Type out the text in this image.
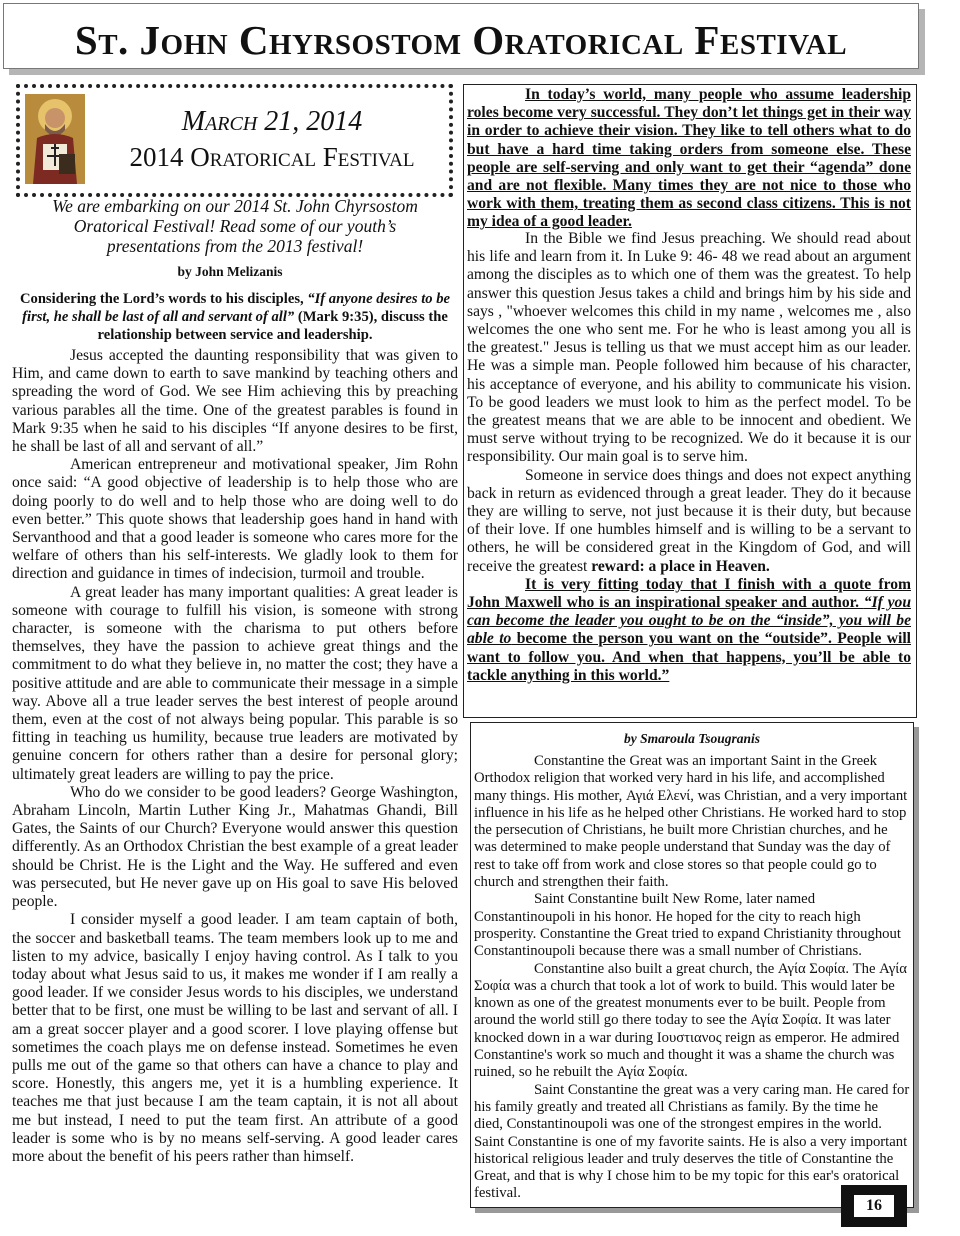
St. John Chyrsostom Oratorical Festival
March 21, 2014
2014 Oratorical Festival
We are embarking on our 2014 St. John Chyrsostom Oratorical Festival! Read some of our youth’s presentations from the 2013 festival!
by John Melizanis
Considering the Lord’s words to his disciples, “If anyone desires to be first, he shall be last of all and servant of all” (Mark 9:35), discuss the relationship between service and leadership.

Jesus accepted the daunting responsibility that was given to Him, and came down to earth to save mankind by teaching others and spreading the word of God. We see Him achieving this by preaching various parables all the time. One of the greatest parables is found in Mark 9:35 when he said to his disciples “If anyone desires to be first, he shall be last of all and servant of all.”

American entrepreneur and motivational speaker, Jim Rohn once said: “A good objective of leadership is to help those who are doing poorly to do well and to help those who are doing well to do even better.” This quote shows that leadership goes hand in hand with Servanthood and that a good leader is someone who cares more for the welfare of others than his self-interests. We gladly look to them for direction and guidance in times of indecision, turmoil and trouble.

A great leader has many important qualities: A great leader is someone with courage to fulfill his vision, is someone with strong character, is someone with the charisma to put others before themselves, they have the passion to achieve great things and the commitment to do what they believe in, no matter the cost; they have a positive attitude and are able to communicate their message in a simple way. Above all a true leader serves the best interest of people around them, even at the cost of not always being popular. This parable is so fitting in teaching us humility, because true leaders are motivated by genuine concern for others rather than a desire for personal glory; ultimately great leaders are willing to pay the price.

Who do we consider to be good leaders? George Washington, Abraham Lincoln, Martin Luther King Jr., Mahatmas Ghandi, Bill Gates, the Saints of our Church? Everyone would answer this question differently. As an Orthodox Christian the best example of a great leader should be Christ. He is the Light and the Way. He suffered and even was persecuted, but He never gave up on His goal to save His beloved people.

I consider myself a good leader. I am team captain of both, the soccer and basketball teams. The team members look up to me and listen to my advice, basically I enjoy having control. As I talk to you today about what Jesus said to us, it makes me wonder if I am really a good leader. If we consider Jesus words to his disciples, we understand better that to be first, one must be willing to be last and servant of all. I am a great soccer player and a good scorer. I love playing offense but sometimes the coach plays me on defense instead. Sometimes he even pulls me out of the game so that others can have a chance to play and score. Honestly, this angers me, yet it is a humbling experience. It teaches me that just because I am the team captain, it is not all about me but instead, I need to put the team first. An attribute of a good leader is some who is by no means self-serving. A good leader cares more about the benefit of his peers rather than himself.

In today’s world, many people who assume leadership roles become very successful. They don’t let things get in their way in order to achieve their vision. They like to tell others what to do but have a hard time taking orders from someone else. These people are self-serving and only want to get their “agenda” done and are not flexible. Many times they are not nice to those who work with them, treating them as second class citizens. This is not my idea of a good leader.

In the Bible we find Jesus preaching. We should read about his life and learn from it. In Luke 9: 46- 48 we read about an argument among the disciples as to which one of them was the greatest. To help answer this question Jesus takes a child and brings him by his side and says , "whoever welcomes this child in my name , welcomes me , also welcomes the one who sent me. For he who is least among you all is the greatest." Jesus is telling us that we must accept him as our leader. He was a simple man. People followed him because of his character, his acceptance of everyone, and his ability to communicate his vision. To be good leaders we must look to him as the perfect model. To be the greatest means that we are able to be innocent and obedient. We must serve without trying to be recognized. We do it because it is our responsibility. Our main goal is to serve him.

Someone in service does things and does not expect anything back in return as evidenced through a great leader. They do it because they are willing to serve, not just because it is their duty, but because of their love. If one humbles himself and is willing to be a servant to others, he will be considered great in the Kingdom of God, and will receive the greatest reward: a place in Heaven.

It is very fitting today that I finish with a quote from John Maxwell who is an inspirational speaker and author. “If you can become the leader you ought to be on the “inside”, you will be able to become the person you want on the “outside”. People will want to follow you. And when that happens, you’ll be able to tackle anything in this world.”

by Smaroula Tsougranis

Constantine the Great was an important Saint in the Greek Orthodox religion that worked very hard in his life, and accomplished many things. His mother, Αγιά Ελενί, was Christian, and a very important influence in his life as he helped other Christians. He worked hard to stop the persecution of Christians, he built more Christian churches, and he was determined to make people understand that Sunday was the day of rest to take off from work and close stores so that people could go to church and strengthen their faith.

Saint Constantine built New Rome, later named Constantinoupoli in his honor. He hoped for the city to reach high prosperity. Constantine the Great tried to expand Christianity throughout Constantinoupoli because there was a small number of Christians.

Constantine also built a great church, the Αγία Σοφία. The Αγία Σοφία was a church that took a lot of work to build. This would later be known as one of the greatest monuments ever to be built. People from around the world still go there today to see the Αγία Σοφία. It was later knocked down in a war during Ιουστιανος reign as emperor. He admired Constantine's work so much and thought it was a shame the church was ruined, so he rebuilt the Αγία Σοφία.

Saint Constantine the great was a very caring man. He cared for his family greatly and treated all Christians as family. By the time he died, Constantinoupoli was one of the strongest empires in the world. Saint Constantine is one of my favorite saints. He is also a very important historical religious leader and truly deserves the title of Constantine the Great, and that is why I chose him to be my topic for this ear's oratorical festival.

16
